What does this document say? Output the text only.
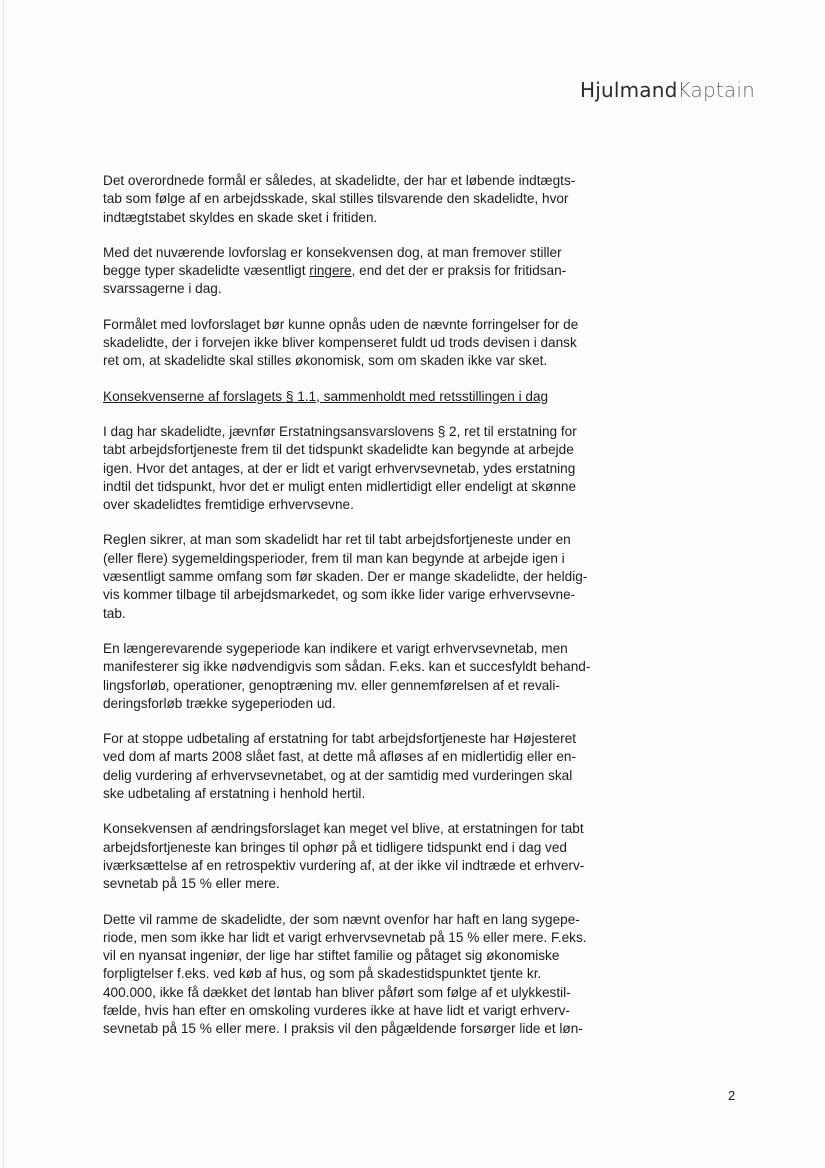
HjulmandKaptain

Det overordnede formål er således, at skadelidte, der har et løbende indtægts-
tab som følge af en arbejdsskade, skal stilles tilsvarende den skadelidte, hvor
indtægtstabet skyldes en skade sket i fritiden.

Med det nuværende lovforslag er konsekvensen dog, at man fremover stiller
begge typer skadelidte væsentligt ringere, end det der er praksis for fritidsan-
svarssagerne i dag.

Formålet med lovforslaget bør kunne opnås uden de nævnte forringelser for de
skadelidte, der i forvejen ikke bliver kompenseret fuldt ud trods devisen i dansk
ret om, at skadelidte skal stilles økonomisk, som om skaden ikke var sket.

Konsekvenserne af forslagets § 1.1, sammenholdt med retsstillingen i dag

I dag har skadelidte, jævnfør Erstatningsansvarslovens § 2, ret til erstatning for
tabt arbejdsfortjeneste frem til det tidspunkt skadelidte kan begynde at arbejde
igen. Hvor det antages, at der er lidt et varigt erhvervsevnetab, ydes erstatning
indtil det tidspunkt, hvor det er muligt enten midlertidigt eller endeligt at skønne
over skadelidtes fremtidige erhvervsevne.

Reglen sikrer, at man som skadelidt har ret til tabt arbejdsfortjeneste under en
(eller flere) sygemeldingsperioder, frem til man kan begynde at arbejde igen i
væsentligt samme omfang som før skaden. Der er mange skadelidte, der heldig-
vis kommer tilbage til arbejdsmarkedet, og som ikke lider varige erhvervsevne-
tab.

En længerevarende sygeperiode kan indikere et varigt erhvervsevnetab, men
manifesterer sig ikke nødvendigvis som sådan. F.eks. kan et succesfyldt behand-
lingsforløb, operationer, genoptræning mv. eller gennemførelsen af et revali-
deringsforløb trække sygeperioden ud.

For at stoppe udbetaling af erstatning for tabt arbejdsfortjeneste har Højesteret
ved dom af marts 2008 slået fast, at dette må afløses af en midlertidig eller en-
delig vurdering af erhvervsevnetabet, og at der samtidig med vurderingen skal
ske udbetaling af erstatning i henhold hertil.

Konsekvensen af ændringsforslaget kan meget vel blive, at erstatningen for tabt
arbejdsfortjeneste kan bringes til ophør på et tidligere tidspunkt end i dag ved
iværksættelse af en retrospektiv vurdering af, at der ikke vil indtræde et erhverv-
sevnetab på 15 % eller mere.

Dette vil ramme de skadelidte, der som nævnt ovenfor har haft en lang sygepe-
riode, men som ikke har lidt et varigt erhvervsevnetab på 15 % eller mere. F.eks.
vil en nyansat ingeniør, der lige har stiftet familie og påtaget sig økonomiske
forpligtelser f.eks. ved køb af hus, og som på skadestidspunktet tjente kr.
400.000, ikke få dækket det løntab han bliver påført som følge af et ulykkestil-
fælde, hvis han efter en omskoling vurderes ikke at have lidt et varigt erhverv-
sevnetab på 15 % eller mere. I praksis vil den pågældende forsørger lide et løn-

2
